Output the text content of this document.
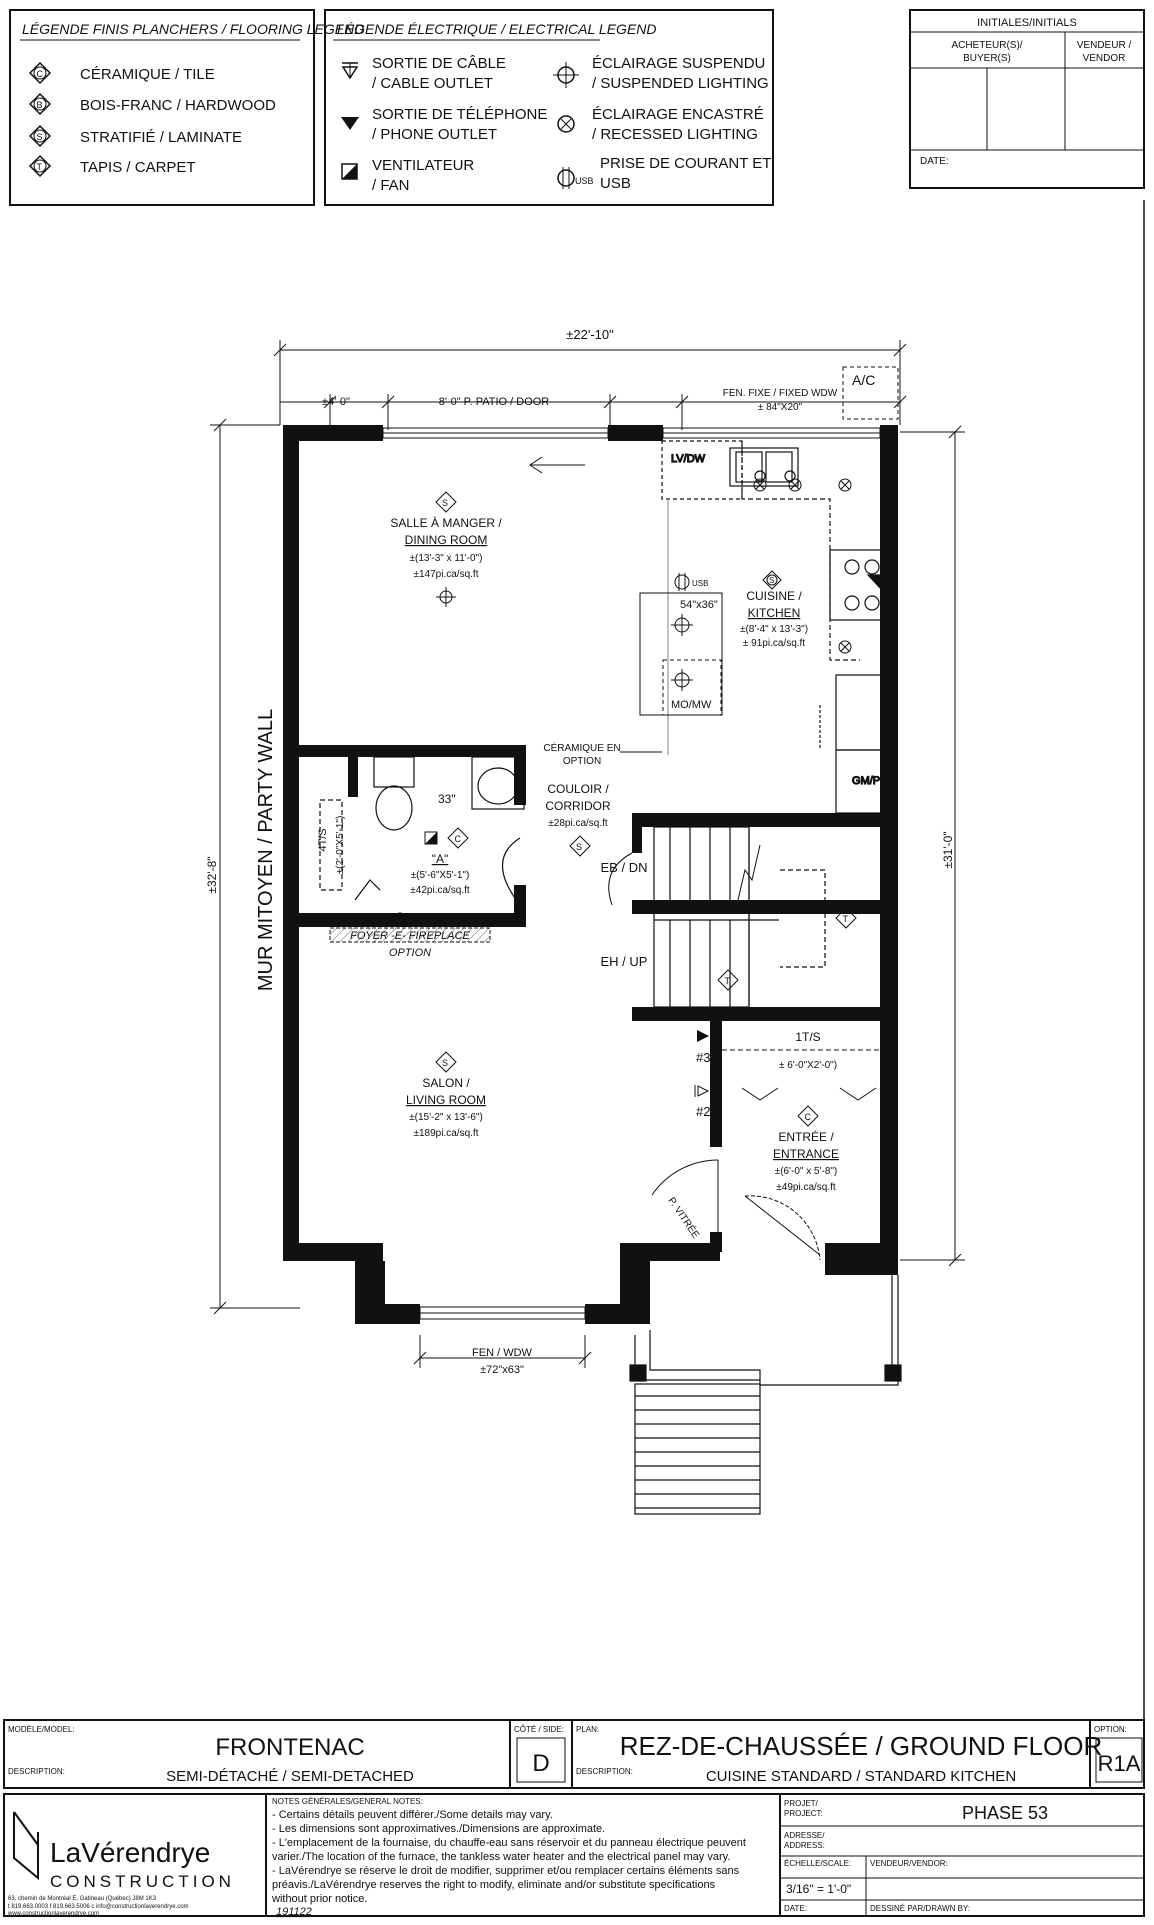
LÉGENDE FINIS PLANCHERS / FLOORING LEGEND
C CÉRAMIQUE / TILE
B BOIS-FRANC / HARDWOOD
S STRATIFIÉ / LAMINATE
T	TAPIS / CARPET
LÉGENDE ÉLECTRIQUE / ELECTRICAL LEGEND
SORTIE DE CÂBLE
/ CABLE OUTLET
SORTIE DE TÉLÉPHONE
/ PHONE OUTLET
VENTILATEUR
/ FAN
ÉCLAIRAGE SUSPENDU
/ SUSPENDED LIGHTING
ÉCLAIRAGE ENCASTRÉ
/ RECESSED LIGHTING
USB
PRISE DE COURANT ET
USB
INITIALES/INITIALS
ACHETEUR(S)/
BUYER(S)
VENDEUR /
VENDOR
DATE:
±22'-10"
±4'-0"	8'-0" P. PATIO / DOOR
FEN. FIXE / FIXED WDW
± 84"X20"
A/C
±32'-8"
±31'-0"
MUR MITOYEN / PARTY WALL
LV/DW
GM/P
CUISINE /
KITCHEN
±(8'-4" x 13'-3")
± 91pi.ca/sq.ft
S
USB
54"x36"
MO/MW
S
SALLE À MANGER /
DINING ROOM
±(13'-3" x 11'-0")
±147pi.ca/sq.ft
CÉRAMIQUE EN
OPTION
COULOIR /
CORRIDOR
±28pi.ca/sq.ft
S
T
T
EB / DN
EH / UP
33"
4T/S ±(2'-0"X5'-1")	C
"A"
±(5'-6"X5'-1")
±42pi.ca/sq.ft
FOYER -E- FIREPLACE
OPTION
S
SALON /
LIVING ROOM
±(15'-2" x 13'-6")
±189pi.ca/sq.ft
#3
#2
1T/S
± 6'-0"X2'-0")
C
ENTRÉE /
ENTRANCE
±(6'-0" x 5'-8")
±49pi.ca/sq.ft
P. VITRÉE
FEN / WDW
±72"x63"
MODÈLE/MODEL:
FRONTENAC
DESCRIPTION:	SEMI-DÉTACHÉ / SEMI-DETACHED
CÔTÉ / SIDE:
D
PLAN:
REZ-DE-CHAUSSÉE / GROUND FLOOR
DESCRIPTION:	CUISINE STANDARD / STANDARD KITCHEN
OPTION:
R1A
LaVérendrye
CONSTRUCTION
63, chemin de Montréal E, Gatineau (Québec) J8M 1K3
t 819.663.0003 f 819.663.5006 c info@constructionlaverendrye.com
www.constructionlaverendrye.com
NOTES GÉNÉRALES/GENERAL NOTES:
- Certains détails peuvent différer./Some details may vary.
- Les dimensions sont approximatives./Dimensions are approximate.
- L'emplacement de la fournaise, du chauffe-eau sans réservoir et du panneau électrique peuvent
varier./The location of the furnace, the tankless water heater and the electrical panel may vary.
- LaVérendrye se réserve le droit de modifier, supprimer et/ou remplacer certains éléments sans
préavis./LaVérendrye reserves the right to modify, eliminate and/or substitute specifications
without prior notice.
191122
PROJET/
PROJECT:	PHASE 53
ADRESSE/
ADDRESS:
ÉCHELLE/SCALE:
3/16" = 1'-0"
VENDEUR/VENDOR:
DATE:	DESSINÉ PAR/DRAWN BY:
